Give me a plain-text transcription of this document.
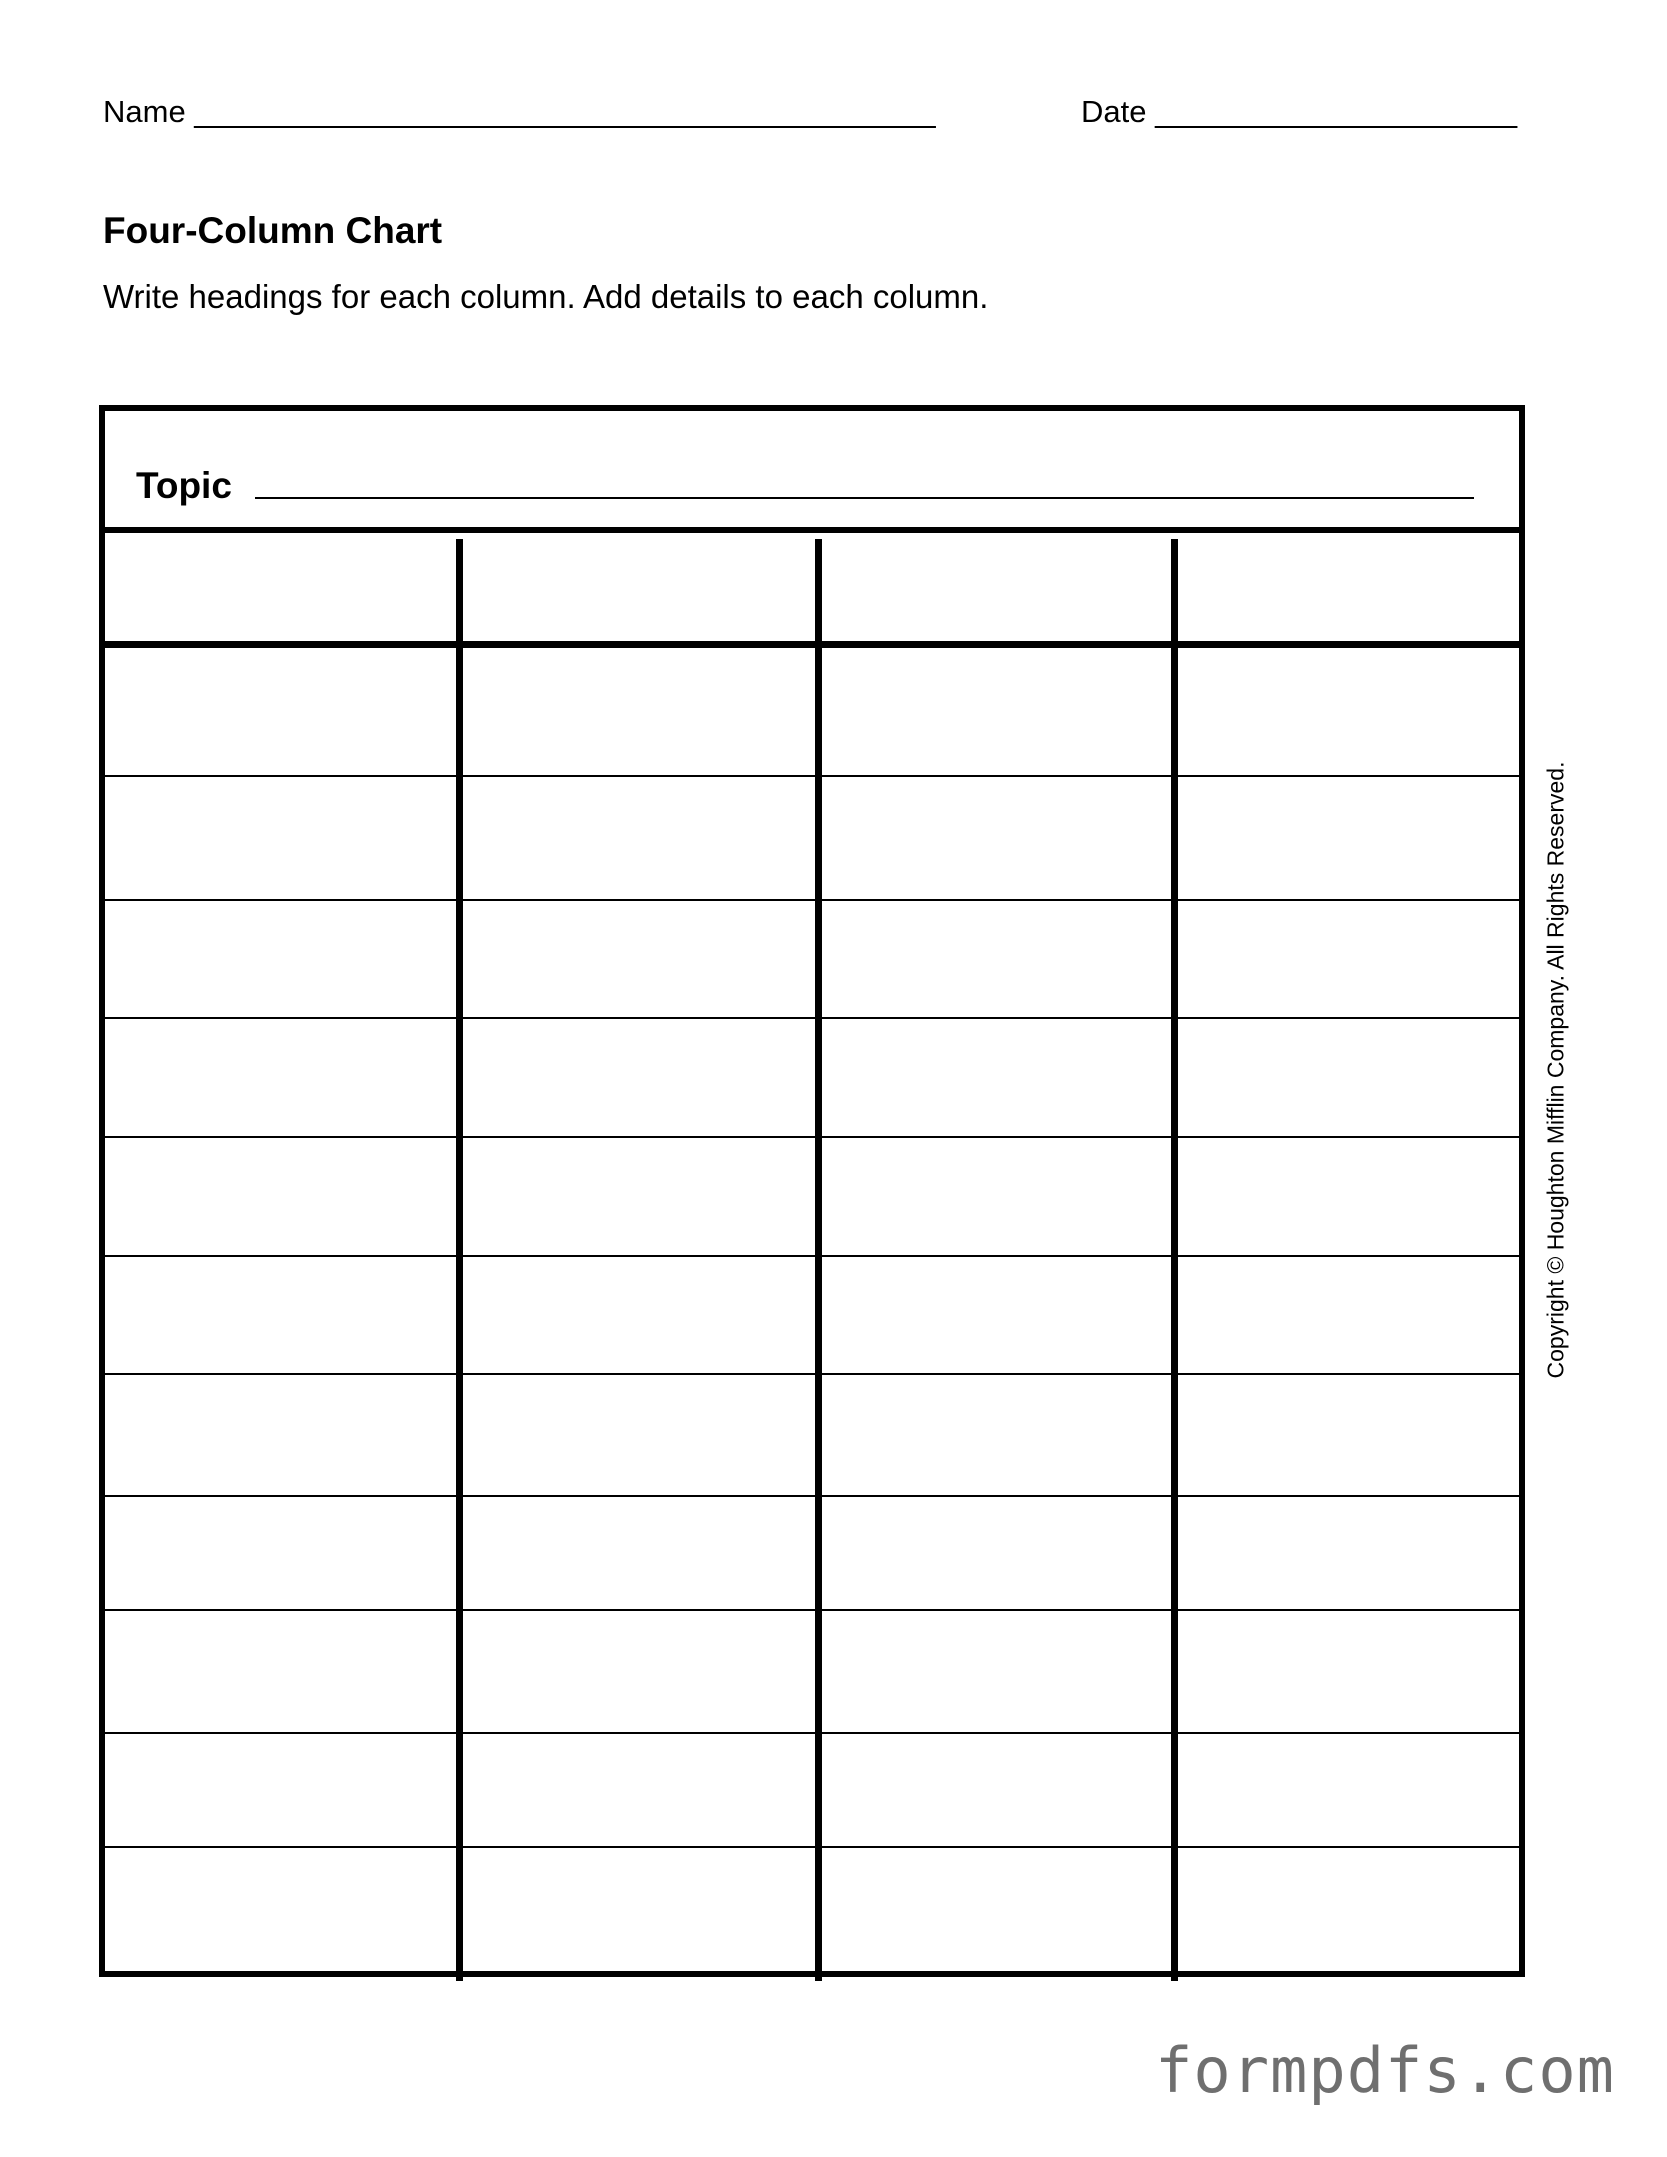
Name ___________________________________________	Date _____________________
Four-Column Chart
Write headings for each column. Add details to each column.
Topic
Copyright © Houghton Mifflin Company. All Rights Reserved.
formpdfs.com
